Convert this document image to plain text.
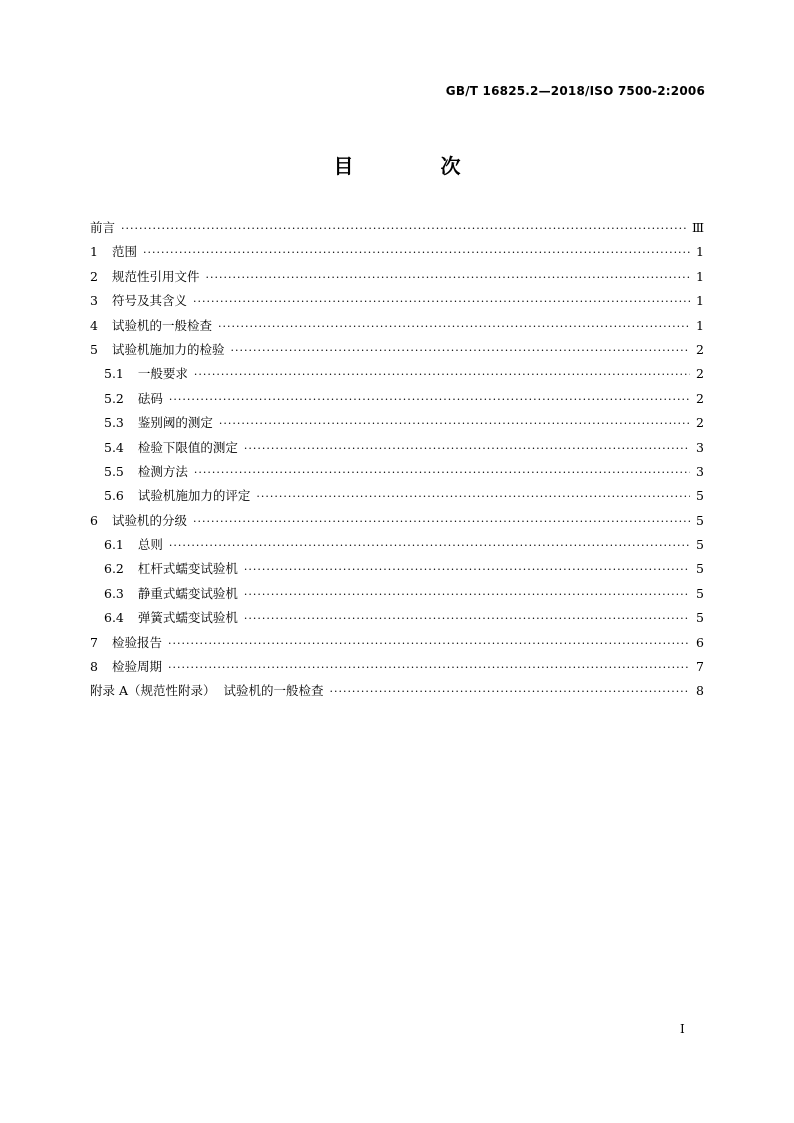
GB/T 16825.2—2018/ISO 7500-2:2006
目 次
前言 ·····	Ⅲ
1 范围 ·····	1
2 规范性引用文件 ·····	1
3 符号及其含义 ·····	1
4 试验机的一般检查 ·····	1
5 试验机施加力的检验 ·····	2
5.1 一般要求 ·····	2
5.2 砝码 ·····	2
5.3 鉴别阈的测定 ·····	2
5.4 检验下限值的测定 ·····	3
5.5 检测方法 ·····	3
5.6 试验机施加力的评定 ·····	5
6 试验机的分级 ·····	5
6.1 总则 ·····	5
6.2 杠杆式蠕变试验机 ·····	5
6.3 静重式蠕变试验机 ·····	5
6.4 弹簧式蠕变试验机 ·····	5
7 检验报告 ·····	6
8 检验周期 ·····	7
附录 A（规范性附录）  试验机的一般检查 ·····	8
I
